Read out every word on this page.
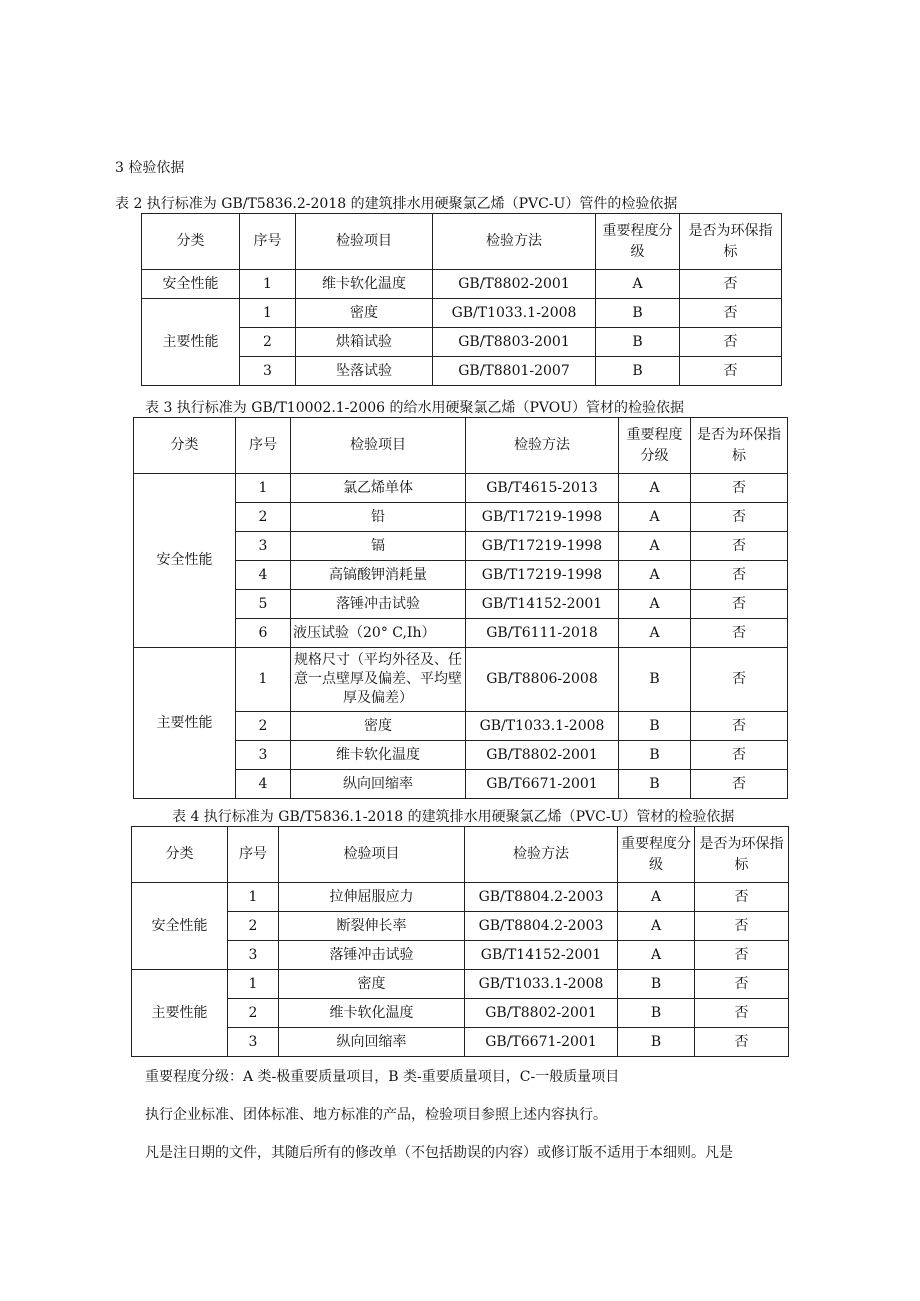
3 检验依据
表 2 执行标准为 GB/T5836.2-2018 的建筑排水用硬聚氯乙烯（PVC-U）管件的检验依据
分类	序号	检验项目	检验方法	重要程度分级	是否为环保指标
安全性能	1	维卡软化温度	GB/T8802-2001	A	否
主要性能	1	密度	GB/T1033.1-2008	B	否
	2	烘箱试验	GB/T8803-2001	B	否
	3	坠落试验	GB/T8801-2007	B	否
表 3 执行标准为 GB/T10002.1-2006 的给水用硬聚氯乙烯（PVOU）管材的检验依据
分类	序号	检验项目	检验方法	重要程度分级	是否为环保指标
安全性能	1	氯乙烯单体	GB/T4615-2013	A	否
	2	铅	GB/T17219-1998	A	否
	3	镉	GB/T17219-1998	A	否
	4	高镐酸钾消耗量	GB/T17219-1998	A	否
	5	落锤冲击试验	GB/T14152-2001	A	否
	6	液压试验（20° C,Ih）	GB/T6111-2018	A	否
主要性能	1	规格尺寸（平均外径及、任意一点壁厚及偏差、平均壁厚及偏差）	GB/T8806-2008	B	否
	2	密度	GB/T1033.1-2008	B	否
	3	维卡软化温度	GB/T8802-2001	B	否
	4	纵向回缩率	GB/T6671-2001	B	否
表 4 执行标准为 GB/T5836.1-2018 的建筑排水用硬聚氯乙烯（PVC-U）管材的检验依据
分类	序号	检验项目	检验方法	重要程度分级	是否为环保指标
安全性能	1	拉伸屈服应力	GB/T8804.2-2003	A	否
	2	断裂伸长率	GB/T8804.2-2003	A	否
	3	落锤冲击试验	GB/T14152-2001	A	否
主要性能	1	密度	GB/T1033.1-2008	B	否
	2	维卡软化温度	GB/T8802-2001	B	否
	3	纵向回缩率	GB/T6671-2001	B	否
重要程度分级：A 类-极重要质量项目，B 类-重要质量项目，C-一般质量项目
执行企业标准、团体标准、地方标准的产品，检验项目参照上述内容执行。
凡是注日期的文件，其随后所有的修改单（不包括勘误的内容）或修订版不适用于本细则。凡是
